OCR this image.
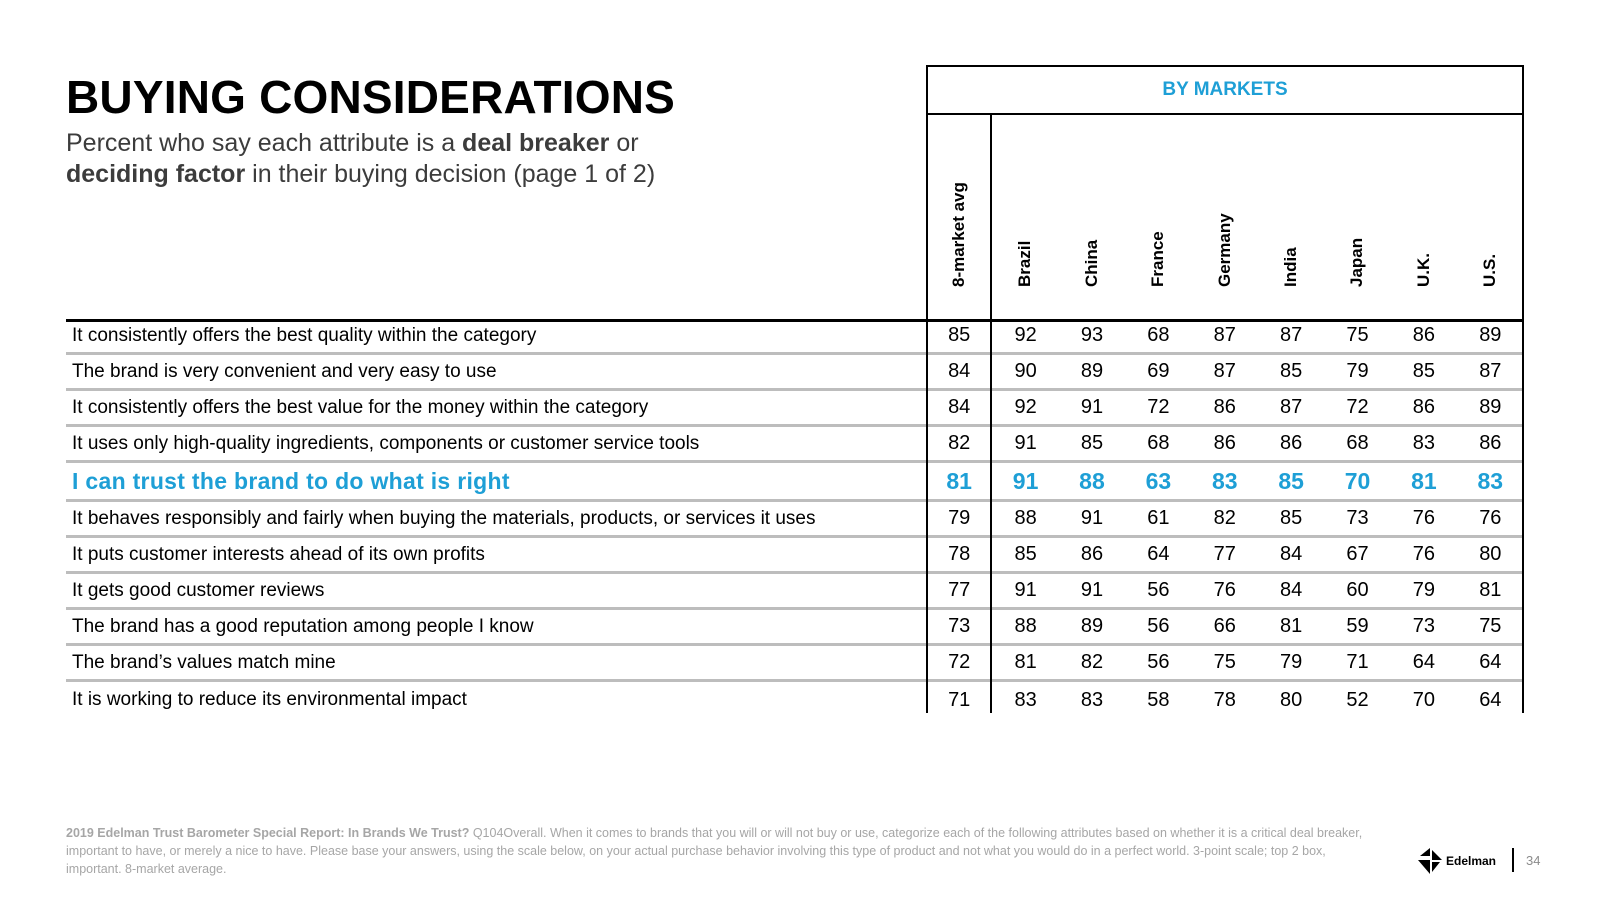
BUYING CONSIDERATIONS
Percent who say each attribute is a deal breaker or
deciding factor in their buying decision (page 1 of 2)
BY MARKETS
8-market avg	Brazil	China	France	Germany	India	Japan	U.K.	U.S.
It consistently offers the best quality within the category	85	92	93	68	87	87	75	86	89
The brand is very convenient and very easy to use	84	90	89	69	87	85	79	85	87
It consistently offers the best value for the money within the category	84	92	91	72	86	87	72	86	89
It uses only high-quality ingredients, components or customer service tools	82	91	85	68	86	86	68	83	86
I can trust the brand to do what is right	81	91	88	63	83	85	70	81	83
It behaves responsibly and fairly when buying the materials, products, or services it uses	79	88	91	61	82	85	73	76	76
It puts customer interests ahead of its own profits	78	85	86	64	77	84	67	76	80
It gets good customer reviews	77	91	91	56	76	84	60	79	81
The brand has a good reputation among people I know	73	88	89	56	66	81	59	73	75
The brand’s values match mine	72	81	82	56	75	79	71	64	64
It is working to reduce its environmental impact	71	83	83	58	78	80	52	70	64
2019 Edelman Trust Barometer Special Report: In Brands We Trust? Q104Overall. When it comes to brands that you will or will not buy or use, categorize each of the following attributes based on whether it is a critical deal breaker, important to have, or merely a nice to have. Please base your answers, using the scale below, on your actual purchase behavior involving this type of product and not what you would do in a perfect world. 3-point scale; top 2 box, important. 8-market average.
Edelman 34
